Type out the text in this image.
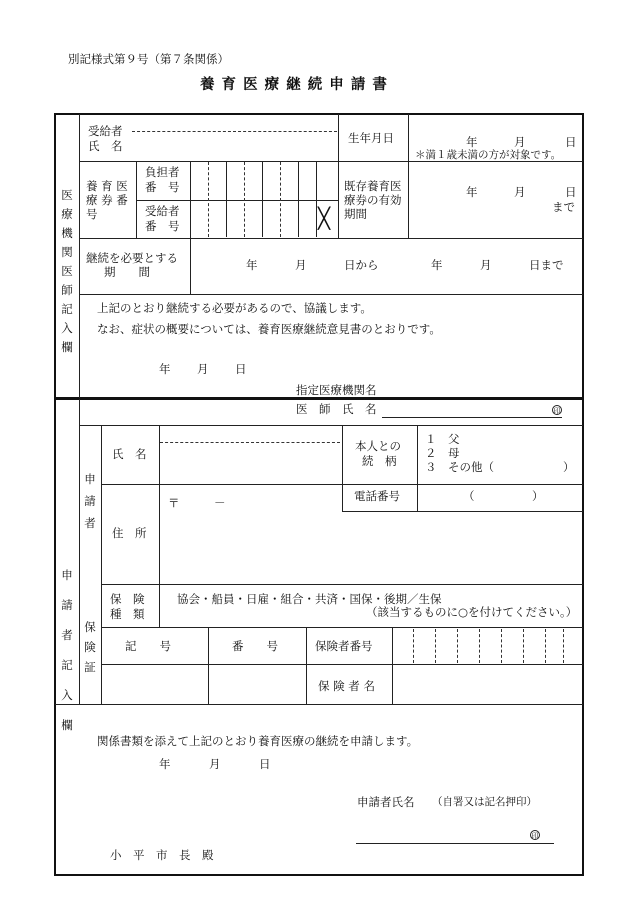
別記様式第９号（第７条関係）
養 育 医 療 継 続 申 請 書
医
療
機
関
医
師
記
入
欄
受給者
氏　名
生年月日	年	月	日
＊満１歳未満の方が対象です。
養 育 医
療 券 番
号
負担者
番　号
受給者
番　号	╳
既存養育医
療券の有効
期間
年	月	日
まで
継続を必要とする
期　　間	年	月	日から	年	月	日まで
上記のとおり継続する必要があるので、協議します。
なお、症状の概要については、養育医療継続意見書のとおりです。
年 月 日
指定医療機関名
医　師　氏　名	印
申
請
者
記
入
欄
申
請
者
氏　名
本人との
続　柄
１　父
２　母
３　その他（　　　　　　）
電話番号	（　　　　　）
住　所
〒　　　－
保
険
証
保　険
種　類
協会・船員・日雇・組合・共済・国保・後期／生保
（該当するものに○を付けてください。）
記　　号	番　　号	保険者番号
保 険 者 名
関係書類を添えて上記のとおり養育医療の継続を申請します。
年	月	日
申請者氏名 （自署又は記名押印）
印
小　平　市　長　殿
